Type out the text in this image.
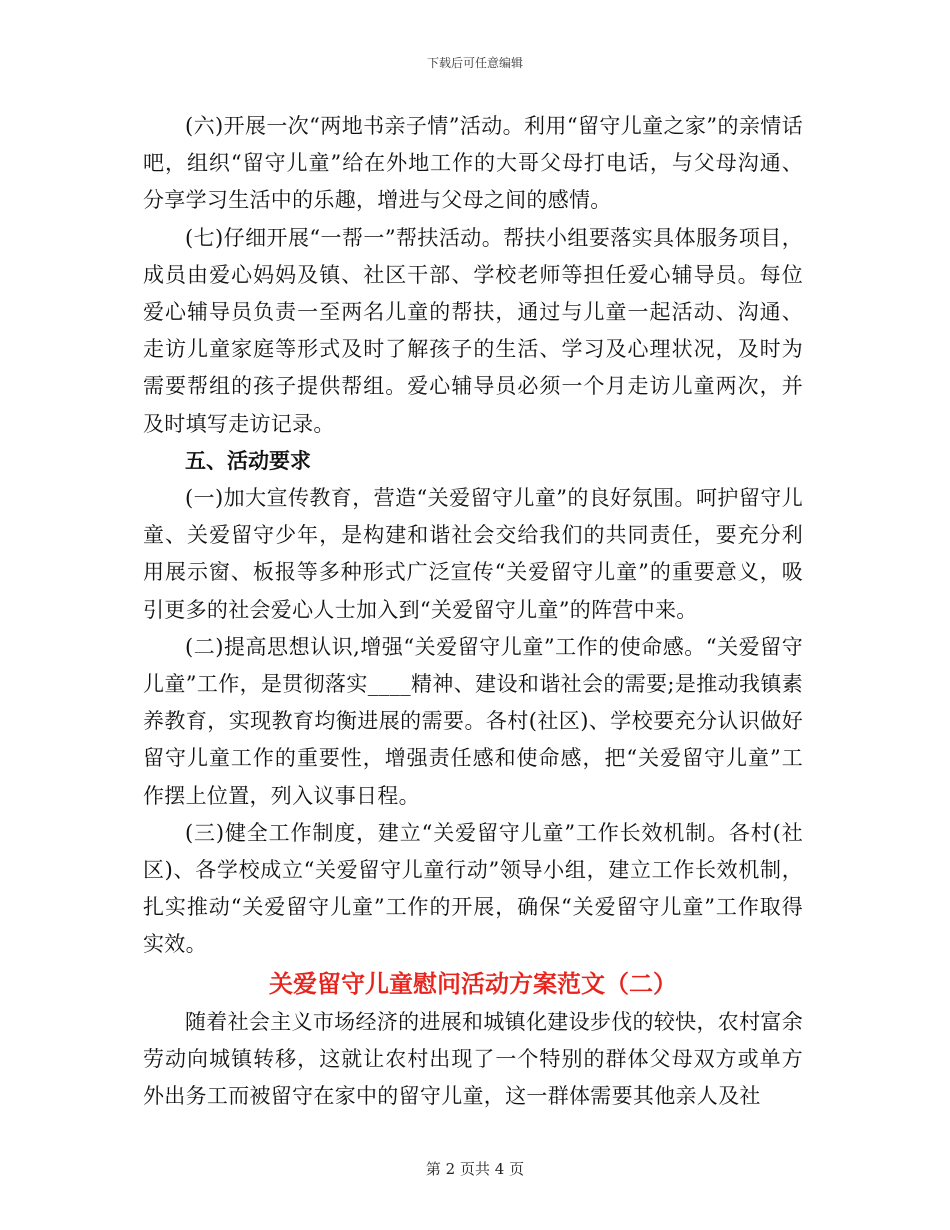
下载后可任意编辑

(六)开展一次“两地书亲子情”活动。利用“留守儿童之家”的亲情话吧，组织“留守儿童”给在外地工作的大哥父母打电话，与父母沟通、分享学习生活中的乐趣，增进与父母之间的感情。

(七)仔细开展“一帮一”帮扶活动。帮扶小组要落实具体服务项目，成员由爱心妈妈及镇、社区干部、学校老师等担任爱心辅导员。每位爱心辅导员负责一至两名儿童的帮扶，通过与儿童一起活动、沟通、走访儿童家庭等形式及时了解孩子的生活、学习及心理状况，及时为需要帮组的孩子提供帮组。爱心辅导员必须一个月走访儿童两次，并及时填写走访记录。

五、活动要求

(一)加大宣传教育，营造“关爱留守儿童”的良好氛围。呵护留守儿童、关爱留守少年，是构建和谐社会交给我们的共同责任，要充分利用展示窗、板报等多种形式广泛宣传“关爱留守儿童”的重要意义，吸引更多的社会爱心人士加入到“关爱留守儿童”的阵营中来。

(二)提高思想认识,增强“关爱留守儿童”工作的使命感。“关爱留守儿童”工作，是贯彻落实____精神、建设和谐社会的需要;是推动我镇素养教育，实现教育均衡进展的需要。各村(社区)、学校要充分认识做好留守儿童工作的重要性，增强责任感和使命感，把“关爱留守儿童”工作摆上位置，列入议事日程。

(三)健全工作制度，建立“关爱留守儿童”工作长效机制。各村(社区)、各学校成立“关爱留守儿童行动”领导小组，建立工作长效机制，扎实推动“关爱留守儿童”工作的开展，确保“关爱留守儿童”工作取得实效。

关爱留守儿童慰问活动方案范文（二）

随着社会主义市场经济的进展和城镇化建设步伐的较快，农村富余劳动向城镇转移，这就让农村出现了一个特别的群体父母双方或单方外出务工而被留守在家中的留守儿童，这一群体需要其他亲人及社

第 2 页共 4 页
